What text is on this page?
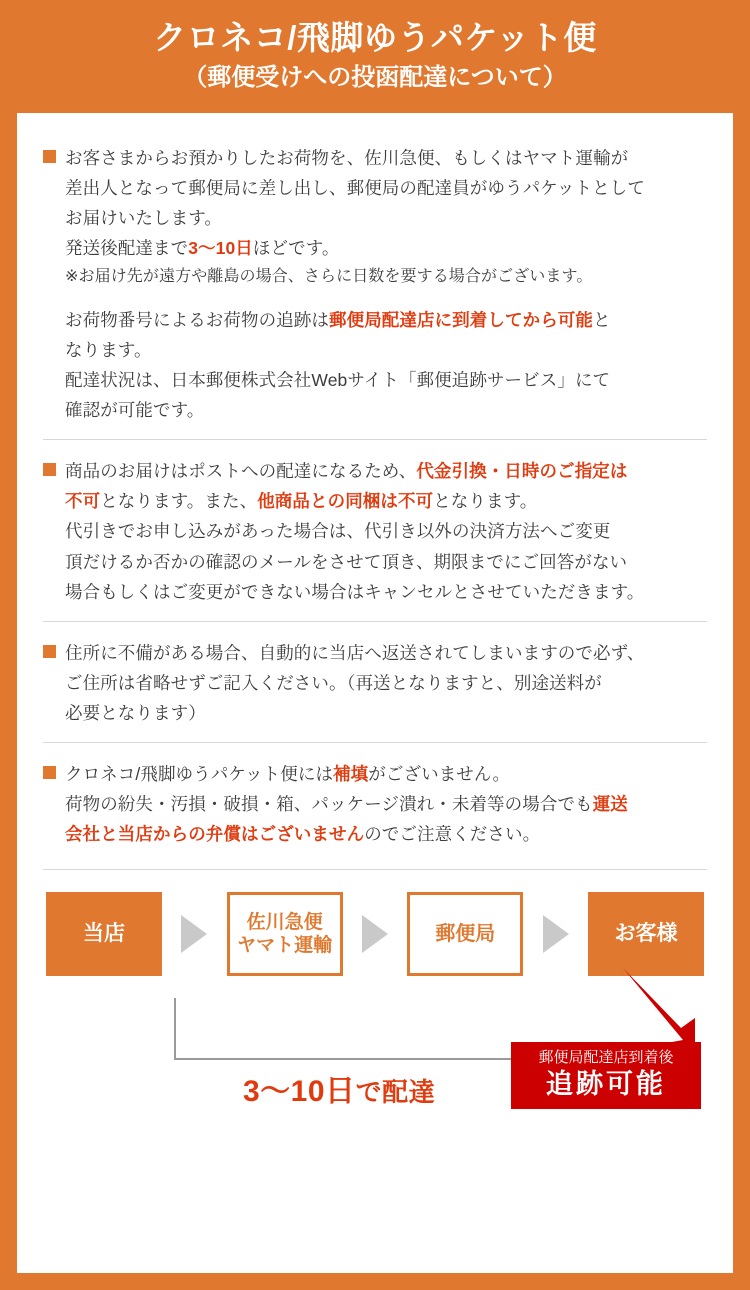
クロネコ/飛脚ゆうパケット便
（郵便受けへの投函配達について）
お客さまからお預かりしたお荷物を、佐川急便、もしくはヤマト運輸が
差出人となって郵便局に差し出し、郵便局の配達員がゆうパケットとして
お届けいたします。
発送後配達まで3〜10日ほどです。
※お届け先が遠方や離島の場合、さらに日数を要する場合がございます。
お荷物番号によるお荷物の追跡は郵便局配達店に到着してから可能と
なります。
配達状況は、日本郵便株式会社Webサイト「郵便追跡サービス」にて
確認が可能です。
商品のお届けはポストへの配達になるため、代金引換・日時のご指定は
不可となります。また、他商品との同梱は不可となります。
代引きでお申し込みがあった場合は、代引き以外の決済方法へご変更
頂だけるか否かの確認のメールをさせて頂き、期限までにご回答がない
場合もしくはご変更ができない場合はキャンセルとさせていただきます。
住所に不備がある場合、自動的に当店へ返送されてしまいますので必ず、
ご住所は省略せずご記入ください。（再送となりますと、別途送料が
必要となります）
クロネコ/飛脚ゆうパケット便には補填がございません。
荷物の紛失・汚損・破損・箱、パッケージ潰れ・未着等の場合でも運送
会社と当店からの弁償はございませんのでご注意ください。
当店
佐川急便
ヤマト運輸
郵便局	お客様
3〜10日で配達
郵便局配達店到着後
追跡可能
